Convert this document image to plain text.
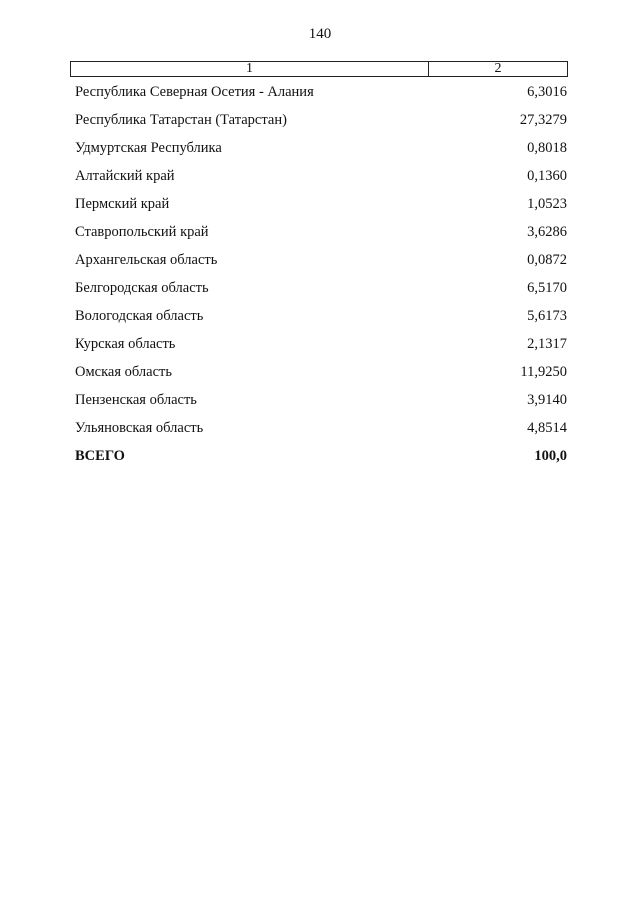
140
1	2
Республика Северная Осетия - Алания	6,3016
Республика Татарстан (Татарстан)	27,3279
Удмуртская Республика	0,8018
Алтайский край	0,1360
Пермский край	1,0523
Ставропольский край	3,6286
Архангельская область	0,0872
Белгородская область	6,5170
Вологодская область	5,6173
Курская область	2,1317
Омская область	11,9250
Пензенская область	3,9140
Ульяновская область	4,8514
ВСЕГО	100,0
